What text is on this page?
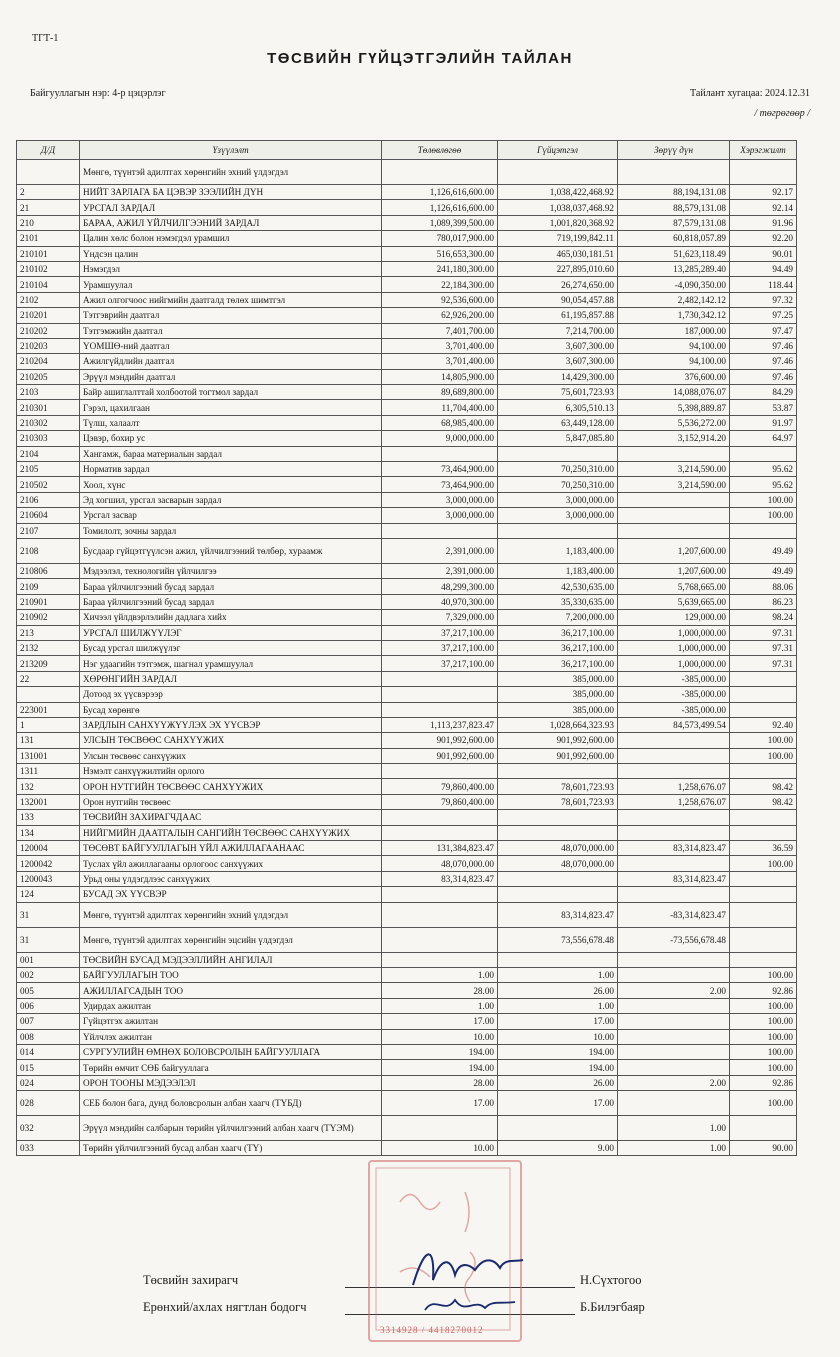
ТГТ-1
ТӨСВИЙН ГҮЙЦЭТГЭЛИЙН ТАЙЛАН
Байгууллагын нэр: 4-р цэцэрлэг	Тайлант хугацаа: 2024.12.31
/ төгрөгөөр /
Д/Д	Үзүүлэлт	Төлөвлөгөө	Гүйцэтгэл	Зөрүү дүн	Хэрэгжилт
	Мөнгө, түүнтэй адилтгах хөрөнгийн эхний үлдэгдэл				
2	НИЙТ ЗАРЛАГА БА ЦЭВЭР ЗЭЭЛИЙН ДҮН	1,126,616,600.00	1,038,422,468.92	88,194,131.08	92.17
21	УРСГАЛ ЗАРДАЛ	1,126,616,600.00	1,038,037,468.92	88,579,131.08	92.14
210	БАРАА, АЖИЛ ҮЙЛЧИЛГЭЭНИЙ ЗАРДАЛ	1,089,399,500.00	1,001,820,368.92	87,579,131.08	91.96
2101	Цалин хөлс болон нэмэгдэл урамшил	780,017,900.00	719,199,842.11	60,818,057.89	92.20
210101	Үндсэн цалин	516,653,300.00	465,030,181.51	51,623,118.49	90.01
210102	Нэмэгдэл	241,180,300.00	227,895,010.60	13,285,289.40	94.49
210104	Урамшуулал	22,184,300.00	26,274,650.00	-4,090,350.00	118.44
2102	Ажил олгогчоос нийгмийн даатгалд төлөх шимтгэл	92,536,600.00	90,054,457.88	2,482,142.12	97.32
210201	Тэтгэврийн даатгал	62,926,200.00	61,195,857.88	1,730,342.12	97.25
210202	Тэтгэмжийн даатгал	7,401,700.00	7,214,700.00	187,000.00	97.47
210203	ҮОМШӨ-ний даатгал	3,701,400.00	3,607,300.00	94,100.00	97.46
210204	Ажилгүйдлийн даатгал	3,701,400.00	3,607,300.00	94,100.00	97.46
210205	Эрүүл мэндийн даатгал	14,805,900.00	14,429,300.00	376,600.00	97.46
2103	Байр ашиглалттай холбоотой тогтмол зардал	89,689,800.00	75,601,723.93	14,088,076.07	84.29
210301	Гэрэл, цахилгаан	11,704,400.00	6,305,510.13	5,398,889.87	53.87
210302	Түлш, халаалт	68,985,400.00	63,449,128.00	5,536,272.00	91.97
210303	Цэвэр, бохир ус	9,000,000.00	5,847,085.80	3,152,914.20	64.97
2104	Хангамж, бараа материалын зардал				
2105	Норматив зардал	73,464,900.00	70,250,310.00	3,214,590.00	95.62
210502	Хоол, хүнс	73,464,900.00	70,250,310.00	3,214,590.00	95.62
2106	Эд хогшил, урсгал засварын зардал	3,000,000.00	3,000,000.00		100.00
210604	Урсгал засвар	3,000,000.00	3,000,000.00		100.00
2107	Томилолт, зочны зардал				
2108	Бусдаар гүйцэтгүүлсэн ажил, үйлчилгээний төлбөр, хураамж	2,391,000.00	1,183,400.00	1,207,600.00	49.49
210806	Мэдээлэл, технологийн үйлчилгээ	2,391,000.00	1,183,400.00	1,207,600.00	49.49
2109	Бараа үйлчилгээний бусад зардал	48,299,300.00	42,530,635.00	5,768,665.00	88.06
210901	Бараа үйлчилгээний бусад зардал	40,970,300.00	35,330,635.00	5,639,665.00	86.23
210902	Хичээл үйлдвэрлэлийн дадлага хийх	7,329,000.00	7,200,000.00	129,000.00	98.24
213	УРСГАЛ ШИЛЖҮҮЛЭГ	37,217,100.00	36,217,100.00	1,000,000.00	97.31
2132	Бусад урсгал шилжүүлэг	37,217,100.00	36,217,100.00	1,000,000.00	97.31
213209	Нэг удаагийн тэтгэмж, шагнал урамшуулал	37,217,100.00	36,217,100.00	1,000,000.00	97.31
22	ХӨРӨНГИЙН ЗАРДАЛ		385,000.00	-385,000.00	
	Дотоод эх үүсвэрээр		385,000.00	-385,000.00	
223001	Бусад хөрөнгө		385,000.00	-385,000.00	
1	ЗАРДЛЫН САНХҮҮЖҮҮЛЭХ ЭХ ҮҮСВЭР	1,113,237,823.47	1,028,664,323.93	84,573,499.54	92.40
131	УЛСЫН ТӨСВӨӨС САНХҮҮЖИХ	901,992,600.00	901,992,600.00		100.00
131001	Улсын төсвөөс санхүүжих	901,992,600.00	901,992,600.00		100.00
1311	Нэмэлт санхүүжилтийн орлого				
132	ОРОН НУТГИЙН ТӨСВӨӨС САНХҮҮЖИХ	79,860,400.00	78,601,723.93	1,258,676.07	98.42
132001	Орон нутгийн төсвөөс	79,860,400.00	78,601,723.93	1,258,676.07	98.42
133	ТӨСВИЙН ЗАХИРАГЧДААС				
134	НИЙГМИЙН ДААТГАЛЫН САНГИЙН ТӨСВӨӨС САНХҮҮЖИХ				
120004	ТӨСӨВТ БАЙГУУЛЛАГЫН ҮЙЛ АЖИЛЛАГААНААС	131,384,823.47	48,070,000.00	83,314,823.47	36.59
1200042	Туслах үйл ажиллагааны орлогоос санхүүжих	48,070,000.00	48,070,000.00		100.00
1200043	Урьд оны үлдэгдлээс санхүүжих	83,314,823.47		83,314,823.47	
124	БУСАД ЭХ ҮҮСВЭР				
31	Мөнгө, түүнтэй адилтгах хөрөнгийн эхний үлдэгдэл		83,314,823.47	-83,314,823.47	
31	Мөнгө, түүнтэй адилтгах хөрөнгийн эцсийн үлдэгдэл		73,556,678.48	-73,556,678.48	
001	ТӨСВИЙН БУСАД МЭДЭЭЛЛИЙН АНГИЛАЛ				
002	БАЙГУУЛЛАГЫН ТОО	1.00	1.00		100.00
005	АЖИЛЛАГСАДЫН ТОО	28.00	26.00	2.00	92.86
006	Удирдах ажилтан	1.00	1.00		100.00
007	Гүйцэтгэх ажилтан	17.00	17.00		100.00
008	Үйлчлэх ажилтан	10.00	10.00		100.00
014	СУРГУУЛИЙН ӨМНӨХ БОЛОВСРОЛЫН БАЙГУУЛЛАГА	194.00	194.00		100.00
015	Төрийн өмчит СӨБ байгууллага	194.00	194.00		100.00
024	ОРОН ТООНЫ МЭДЭЭЛЭЛ	28.00	26.00	2.00	92.86
028	СЕБ болон бага, дунд боловсролын албан хаагч (ТҮБД)	17.00	17.00		100.00
032	Эрүүл мэндийн салбарын төрийн үйлчилгээний албан хаагч (ТҮЭМ)			1.00	
033	Төрийн үйлчилгээний бусад албан хаагч (ТҮ)	10.00	9.00	1.00	90.00
Төсвийн захирагч	Н.Сүхтогоо
Ерөнхий/ахлах нягтлан бодогч	Б.Билэгбаяр
3314928 / 4418270012
